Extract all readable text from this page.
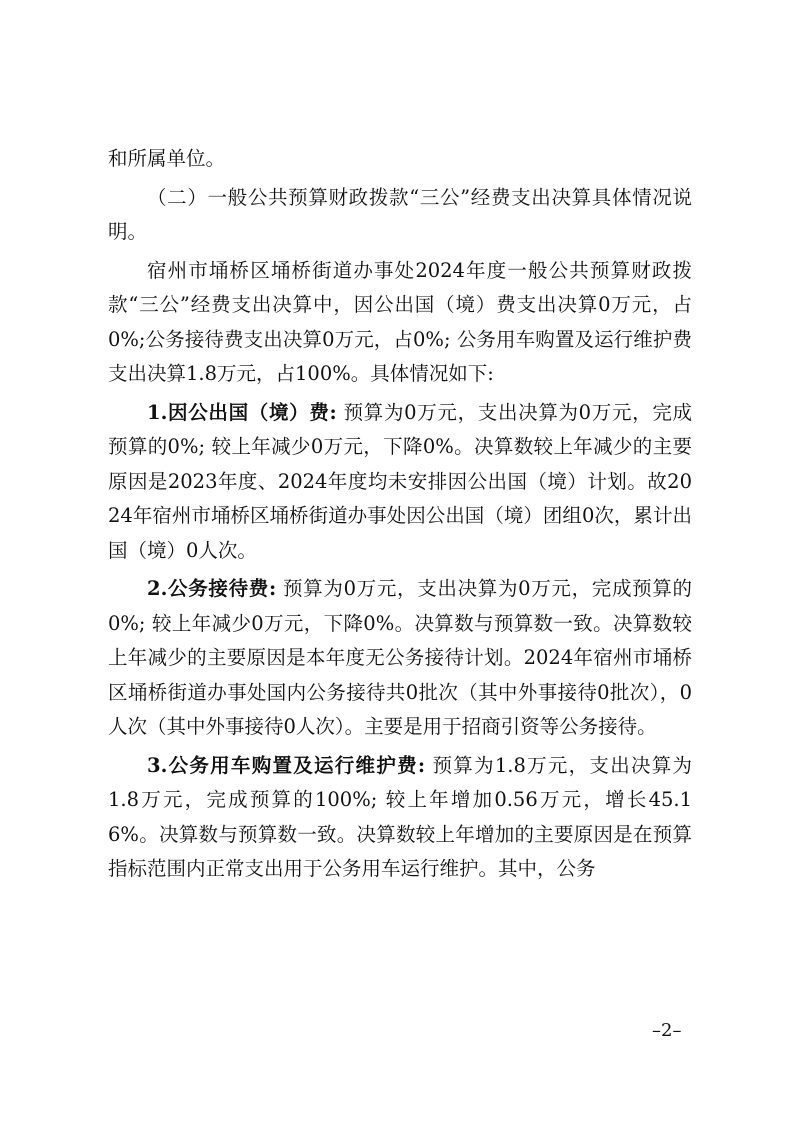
和所属单位。

（二）一般公共预算财政拨款“三公”经费支出决算具体情况说明。

宿州市埇桥区埇桥街道办事处2024年度一般公共预算财政拨款“三公”经费支出决算中，因公出国（境）费支出决算0万元，占0%;公务接待费支出决算0万元，占0%; 公务用车购置及运行维护费支出决算1.8万元，占100%。具体情况如下:

1.因公出国（境）费: 预算为0万元，支出决算为0万元，完成预算的0%; 较上年减少0万元，下降0%。决算数较上年减少的主要原因是2023年度、2024年度均未安排因公出国（境）计划。故2024年宿州市埇桥区埇桥街道办事处因公出国（境）团组0次，累计出国（境）0人次。

2.公务接待费: 预算为0万元，支出决算为0万元，完成预算的0%; 较上年减少0万元，下降0%。决算数与预算数一致。决算数较上年减少的主要原因是本年度无公务接待计划。2024年宿州市埇桥区埇桥街道办事处国内公务接待共0批次（其中外事接待0批次），0人次（其中外事接待0人次）。主要是用于招商引资等公务接待。

3.公务用车购置及运行维护费: 预算为1.8万元，支出决算为　1.8万元，完成预算的100%; 较上年增加0.56万元，增长45.16%。决算数与预算数一致。决算数较上年增加的主要原因是在预算指标范围内正常支出用于公务用车运行维护。其中，公务

–2–
